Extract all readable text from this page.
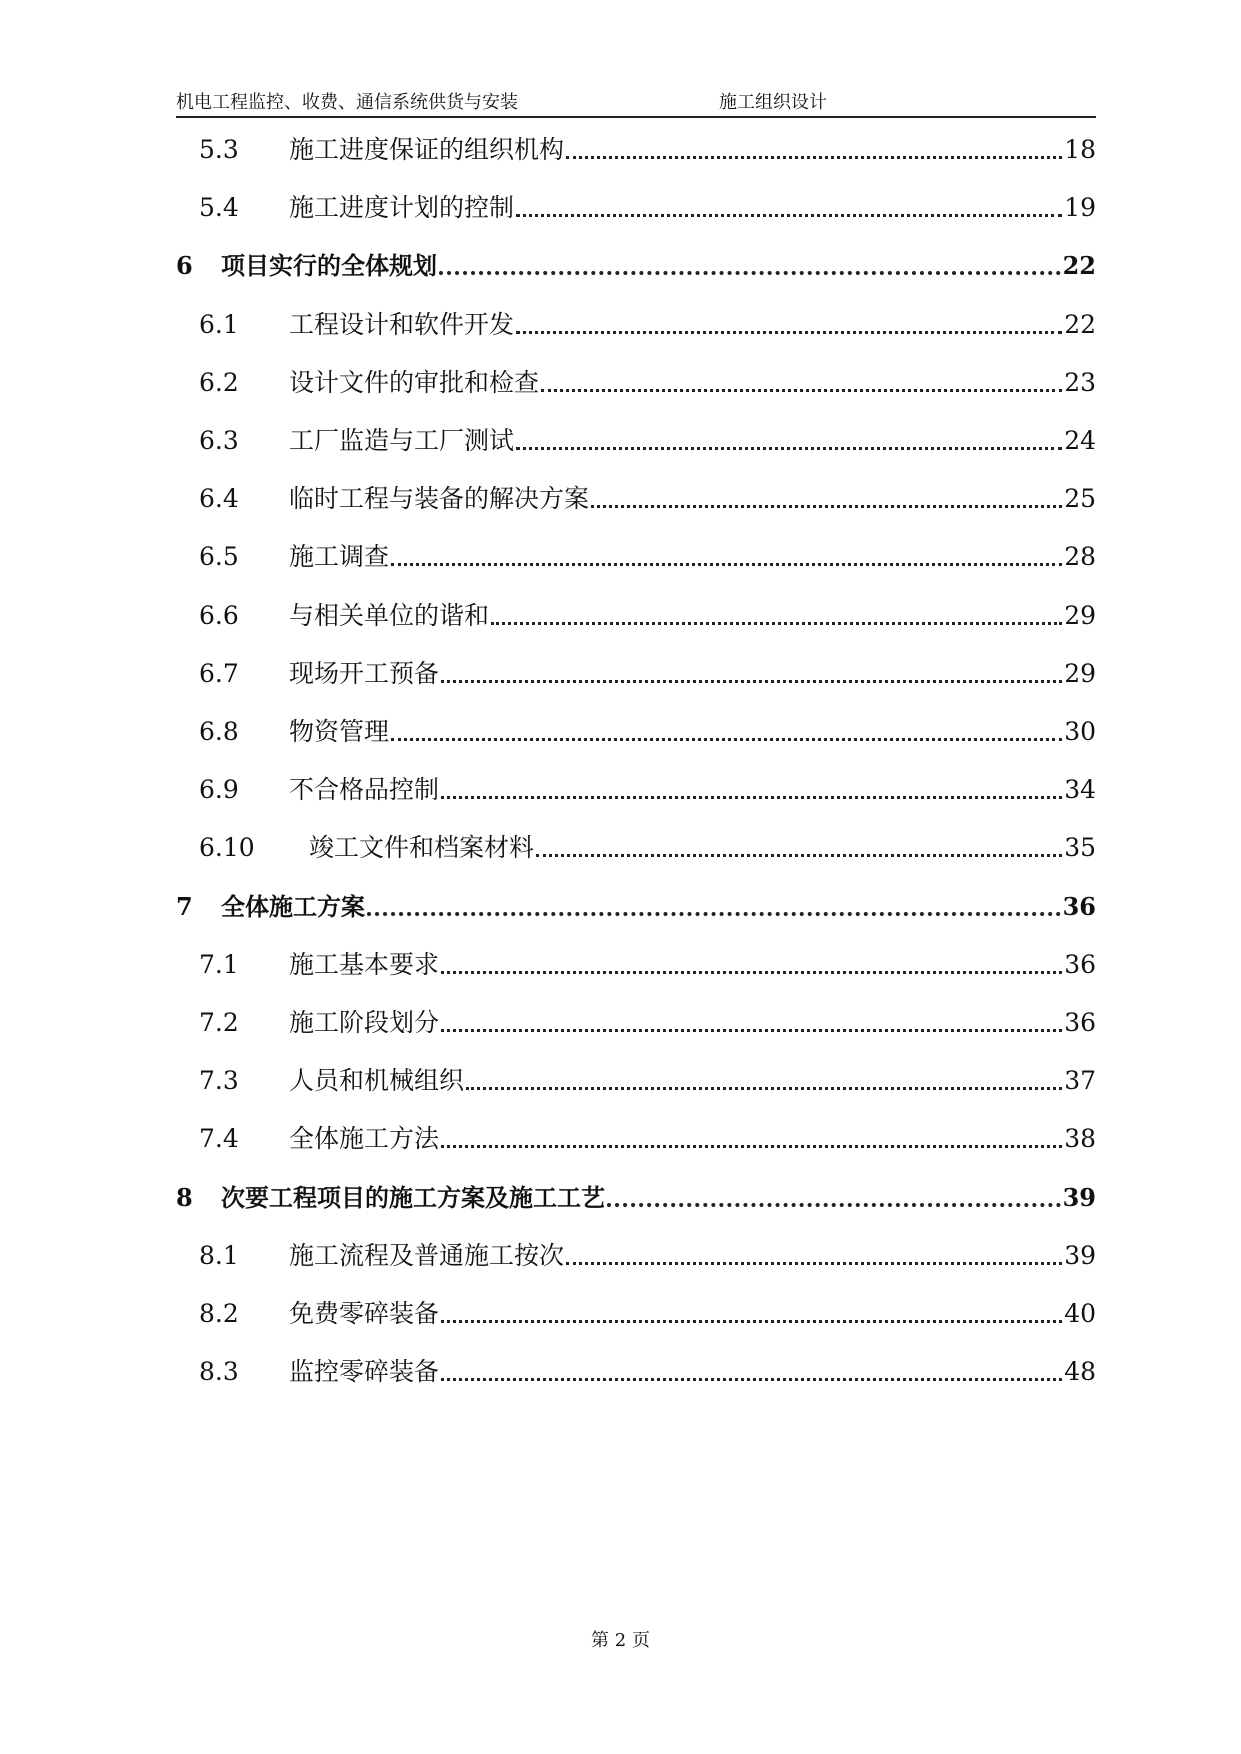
机电工程监控、收费、通信系统供货与安装	施工组织设计
5.3	施工进度保证的组织机构	18
5.4	施工进度计划的控制	19
6	项目实行的全体规划	22
6.1	工程设计和软件开发	22
6.2	设计文件的审批和检查	23
6.3	工厂监造与工厂测试	24
6.4	临时工程与装备的解决方案	25
6.5	施工调查	28
6.6	与相关单位的谐和	29
6.7	现场开工预备	29
6.8	物资管理	30
6.9	不合格品控制	34
6.10	竣工文件和档案材料	35
7	全体施工方案	36
7.1	施工基本要求	36
7.2	施工阶段划分	36
7.3	人员和机械组织	37
7.4	全体施工方法	38
8	次要工程项目的施工方案及施工工艺	39
8.1	施工流程及普通施工按次	39
8.2	免费零碎装备	40
8.3	监控零碎装备	48
第 2 页
